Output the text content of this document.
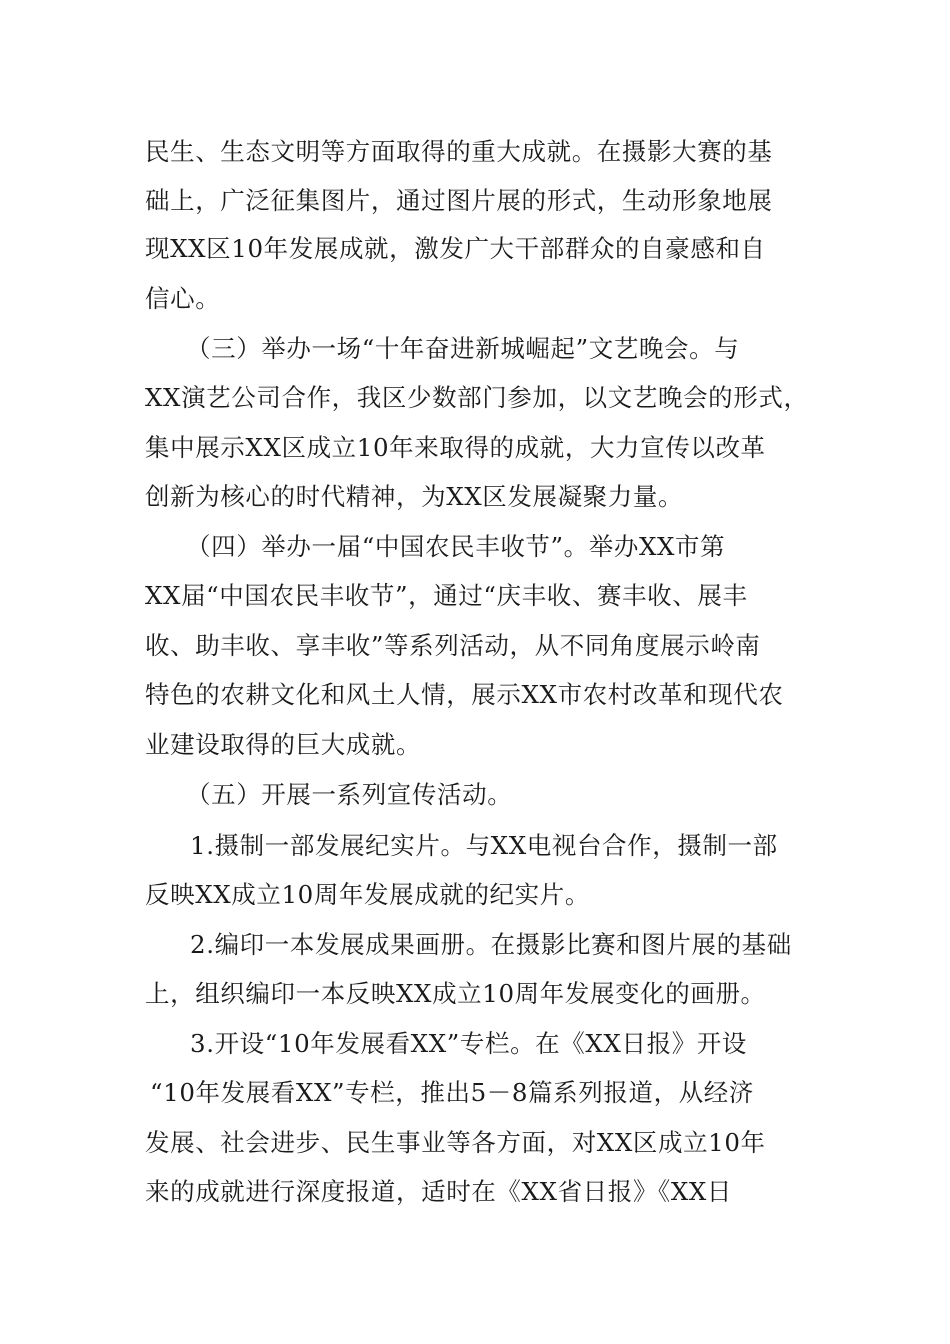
民生、生态文明等方面取得的重大成就。在摄影大赛的基
础上，广泛征集图片，通过图片展的形式，生动形象地展
现XX区10年发展成就，激发广大干部群众的自豪感和自
信心。
（三）举办一场“十年奋进新城崛起”文艺晚会。与
XX演艺公司合作，我区少数部门参加，以文艺晚会的形式，
集中展示XX区成立10年来取得的成就，大力宣传以改革
创新为核心的时代精神，为XX区发展凝聚力量。
（四）举办一届“中国农民丰收节”。举办XX市第
XX届“中国农民丰收节”，通过“庆丰收、赛丰收、展丰
收、助丰收、享丰收”等系列活动，从不同角度展示岭南
特色的农耕文化和风土人情，展示XX市农村改革和现代农
业建设取得的巨大成就。
（五）开展一系列宣传活动。
1.摄制一部发展纪实片。与XX电视台合作，摄制一部
反映XX成立10周年发展成就的纪实片。
2.编印一本发展成果画册。在摄影比赛和图片展的基础
上，组织编印一本反映XX成立10周年发展变化的画册。
3.开设“10年发展看XX”专栏。在《XX日报》开设
“10年发展看XX”专栏，推出5－8篇系列报道，从经济
发展、社会进步、民生事业等各方面，对XX区成立10年
来的成就进行深度报道，适时在《XX省日报》《XX日
